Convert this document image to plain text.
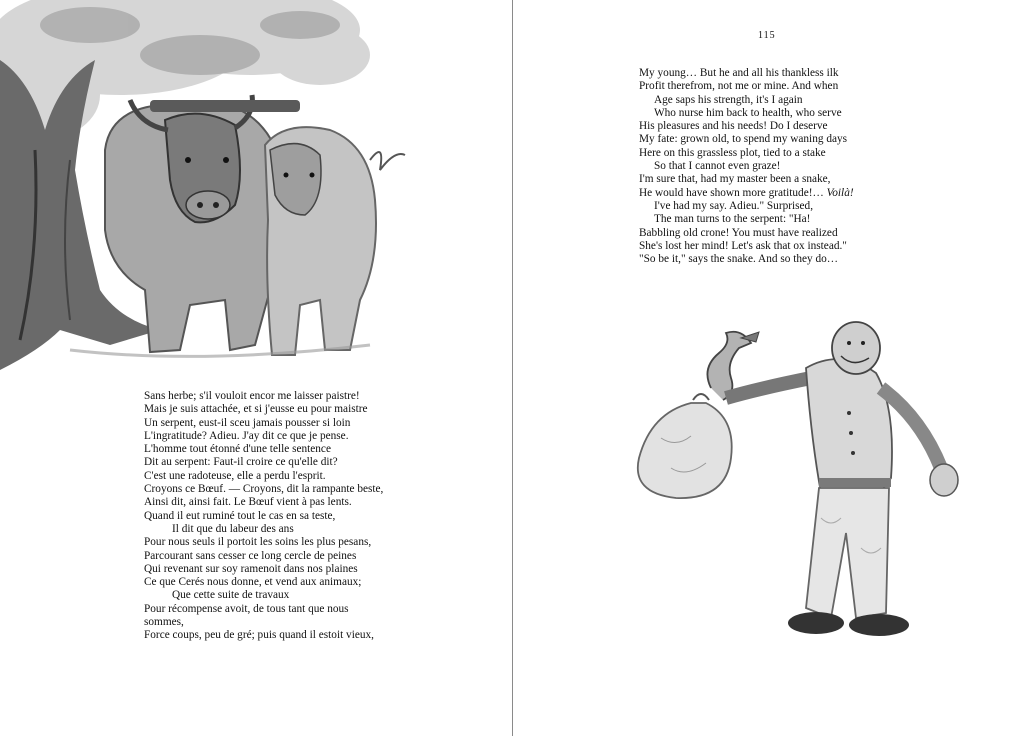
Sans herbe; s'il vouloit encor me laisser paistre!
Mais je suis attachée, et si j'eusse eu pour maistre
Un serpent, eust-il sceu jamais pousser si loin
L'ingratitude? Adieu. J'ay dit ce que je pense.
L'homme tout étonné d'une telle sentence
Dit au serpent: Faut-il croire ce qu'elle dit?
C'est une radoteuse, elle a perdu l'esprit.
Croyons ce Bœuf. — Croyons, dit la rampante beste,
Ainsi dit, ainsi fait. Le Bœuf vient à pas lents.
Quand il eut ruminé tout le cas en sa teste,
Il dit que du labeur des ans
Pour nous seuls il portoit les soins les plus pesans,
Parcourant sans cesser ce long cercle de peines
Qui revenant sur soy ramenoit dans nos plaines
Ce que Cerés nous donne, et vend aux animaux;
Que cette suite de travaux
Pour récompense avoit, de tous tant que nous
sommes,
Force coups, peu de gré; puis quand il estoit vieux,
115
My young… But he and all his thankless ilk
Profit therefrom, not me or mine. And when
Age saps his strength, it's I again
Who nurse him back to health, who serve
His pleasures and his needs! Do I deserve
My fate: grown old, to spend my waning days
Here on this grassless plot, tied to a stake
So that I cannot even graze!
I'm sure that, had my master been a snake,
He would have shown more gratitude!… Voilà!
I've had my say. Adieu." Surprised,
The man turns to the serpent: "Ha!
Babbling old crone! You must have realized
She's lost her mind! Let's ask that ox instead."
"So be it," says the snake. And so they do…
